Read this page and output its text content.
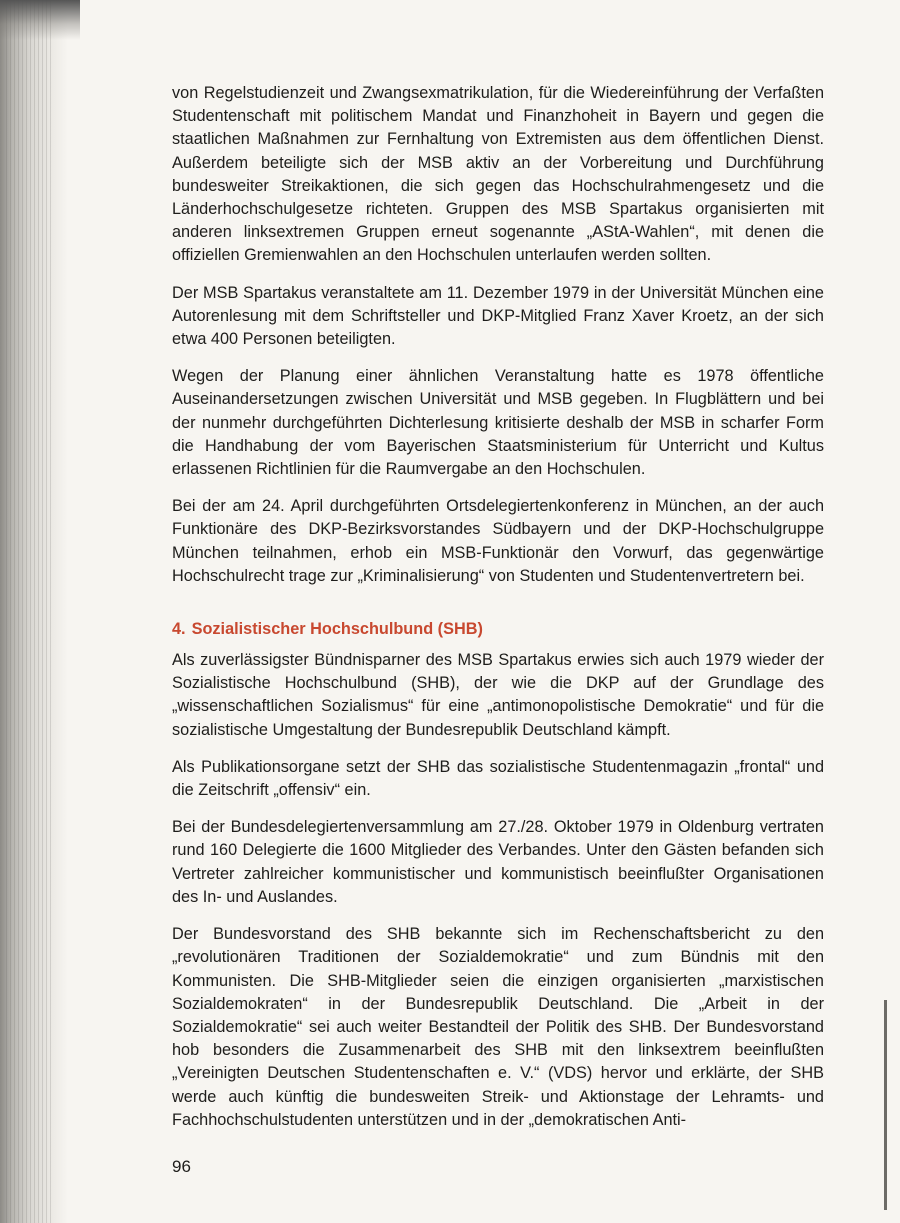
von Regelstudienzeit und Zwangsexmatrikulation, für die Wiedereinführung der Verfaßten Studentenschaft mit politischem Mandat und Finanzhoheit in Bayern und gegen die staatlichen Maßnahmen zur Fernhaltung von Extremisten aus dem öffentlichen Dienst. Außerdem beteiligte sich der MSB aktiv an der Vorbereitung und Durchführung bundesweiter Streikaktionen, die sich gegen das Hochschulrahmengesetz und die Länderhochschulgesetze richteten. Gruppen des MSB Spartakus organisierten mit anderen linksextremen Gruppen erneut sogenannte „AStA-Wahlen“, mit denen die offiziellen Gremienwahlen an den Hochschulen unterlaufen werden sollten.

Der MSB Spartakus veranstaltete am 11. Dezember 1979 in der Universität München eine Autorenlesung mit dem Schriftsteller und DKP-Mitglied Franz Xaver Kroetz, an der sich etwa 400 Personen beteiligten.

Wegen der Planung einer ähnlichen Veranstaltung hatte es 1978 öffentliche Auseinandersetzungen zwischen Universität und MSB gegeben. In Flugblättern und bei der nunmehr durchgeführten Dichterlesung kritisierte deshalb der MSB in scharfer Form die Handhabung der vom Bayerischen Staatsministerium für Unterricht und Kultus erlassenen Richtlinien für die Raumvergabe an den Hochschulen.

Bei der am 24. April durchgeführten Ortsdelegiertenkonferenz in München, an der auch Funktionäre des DKP-Bezirksvorstandes Südbayern und der DKP-Hochschulgruppe München teilnahmen, erhob ein MSB-Funktionär den Vorwurf, das gegenwärtige Hochschulrecht trage zur „Kriminalisierung“ von Studenten und Studentenvertretern bei.

4. Sozialistischer Hochschulbund (SHB)

Als zuverlässigster Bündnisparner des MSB Spartakus erwies sich auch 1979 wieder der Sozialistische Hochschulbund (SHB), der wie die DKP auf der Grundlage des „wissenschaftlichen Sozialismus“ für eine „antimonopolistische Demokratie“ und für die sozialistische Umgestaltung der Bundesrepublik Deutschland kämpft.

Als Publikationsorgane setzt der SHB das sozialistische Studentenmagazin „frontal“ und die Zeitschrift „offensiv“ ein.

Bei der Bundesdelegiertenversammlung am 27./28. Oktober 1979 in Oldenburg vertraten rund 160 Delegierte die 1600 Mitglieder des Verbandes. Unter den Gästen befanden sich Vertreter zahlreicher kommunistischer und kommunistisch beeinflußter Organisationen des In- und Auslandes.

Der Bundesvorstand des SHB bekannte sich im Rechenschaftsbericht zu den „revolutionären Traditionen der Sozialdemokratie“ und zum Bündnis mit den Kommunisten. Die SHB-Mitglieder seien die einzigen organisierten „marxistischen Sozialdemokraten“ in der Bundesrepublik Deutschland. Die „Arbeit in der Sozialdemokratie“ sei auch weiter Bestandteil der Politik des SHB. Der Bundesvorstand hob besonders die Zusammenarbeit des SHB mit den linksextrem beeinflußten „Vereinigten Deutschen Studentenschaften e. V.“ (VDS) hervor und erklärte, der SHB werde auch künftig die bundesweiten Streik- und Aktionstage der Lehramts- und Fachhochschulstudenten unterstützen und in der „demokratischen Anti-

96
